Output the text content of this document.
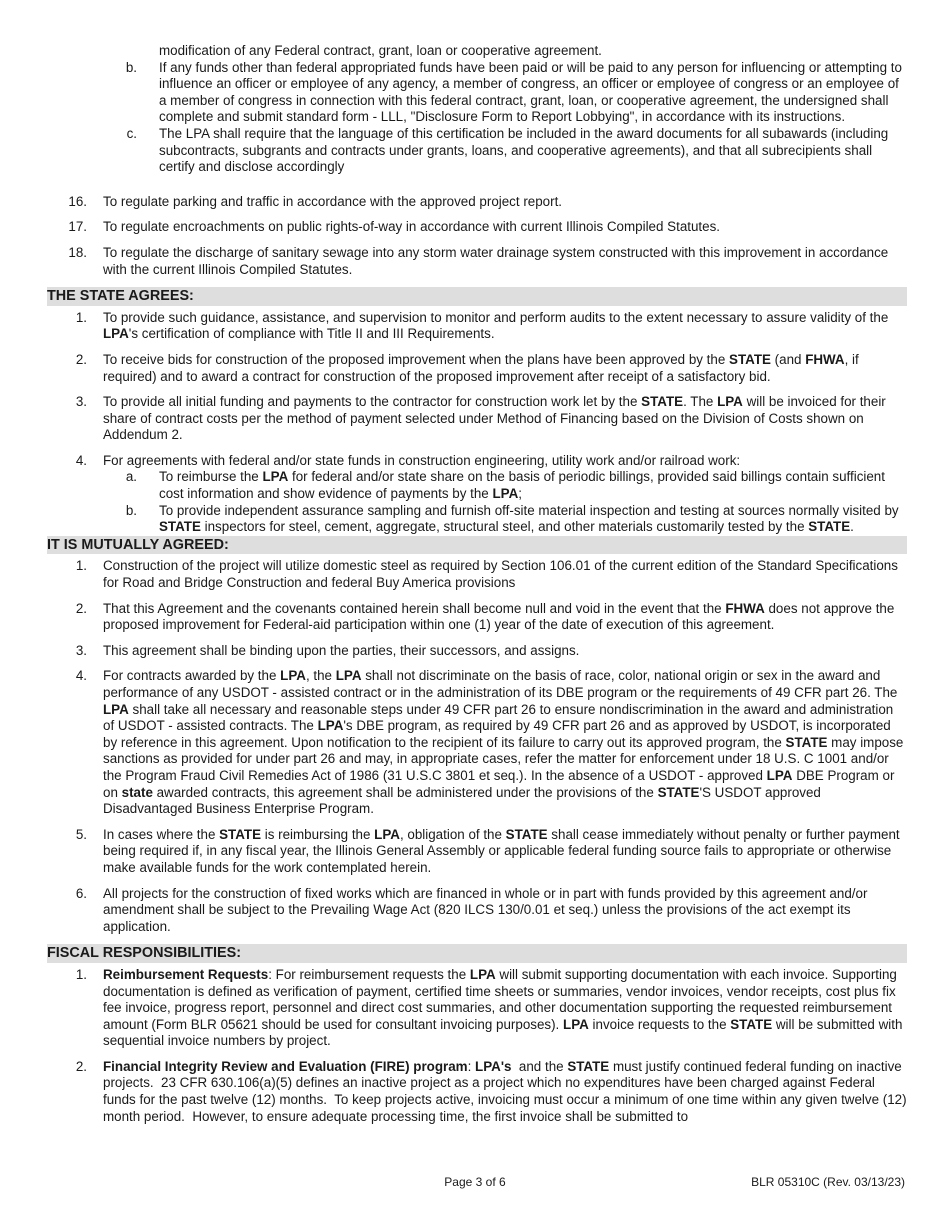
modification of any Federal contract, grant, loan or cooperative agreement.
b. If any funds other than federal appropriated funds have been paid or will be paid to any person for influencing or attempting to influence an officer or employee of any agency, a member of congress, an officer or employee of congress or an employee of a member of congress in connection with this federal contract, grant, loan, or cooperative agreement, the undersigned shall complete and submit standard form - LLL, "Disclosure Form to Report Lobbying", in accordance with its instructions.
c. The LPA shall require that the language of this certification be included in the award documents for all subawards (including subcontracts, subgrants and contracts under grants, loans, and cooperative agreements), and that all subrecipients shall certify and disclose accordingly
16. To regulate parking and traffic in accordance with the approved project report.
17. To regulate encroachments on public rights-of-way in accordance with current Illinois Compiled Statutes.
18. To regulate the discharge of sanitary sewage into any storm water drainage system constructed with this improvement in accordance with the current Illinois Compiled Statutes.
THE STATE AGREES:
1. To provide such guidance, assistance, and supervision to monitor and perform audits to the extent necessary to assure validity of the LPA's certification of compliance with Title II and III Requirements.
2. To receive bids for construction of the proposed improvement when the plans have been approved by the STATE (and FHWA, if required) and to award a contract for construction of the proposed improvement after receipt of a satisfactory bid.
3. To provide all initial funding and payments to the contractor for construction work let by the STATE. The LPA will be invoiced for their share of contract costs per the method of payment selected under Method of Financing based on the Division of Costs shown on Addendum 2.
4. For agreements with federal and/or state funds in construction engineering, utility work and/or railroad work:
a. To reimburse the LPA for federal and/or state share on the basis of periodic billings, provided said billings contain sufficient cost information and show evidence of payments by the LPA;
b. To provide independent assurance sampling and furnish off-site material inspection and testing at sources normally visited by STATE inspectors for steel, cement, aggregate, structural steel, and other materials customarily tested by the STATE.
IT IS MUTUALLY AGREED:
1. Construction of the project will utilize domestic steel as required by Section 106.01 of the current edition of the Standard Specifications for Road and Bridge Construction and federal Buy America provisions
2. That this Agreement and the covenants contained herein shall become null and void in the event that the FHWA does not approve the proposed improvement for Federal-aid participation within one (1) year of the date of execution of this agreement.
3. This agreement shall be binding upon the parties, their successors, and assigns.
4. For contracts awarded by the LPA, the LPA shall not discriminate on the basis of race, color, national origin or sex in the award and performance of any USDOT - assisted contract or in the administration of its DBE program or the requirements of 49 CFR part 26. The LPA shall take all necessary and reasonable steps under 49 CFR part 26 to ensure nondiscrimination in the award and administration of USDOT - assisted contracts. The LPA's DBE program, as required by 49 CFR part 26 and as approved by USDOT, is incorporated by reference in this agreement. Upon notification to the recipient of its failure to carry out its approved program, the STATE may impose sanctions as provided for under part 26 and may, in appropriate cases, refer the matter for enforcement under 18 U.S. C 1001 and/or the Program Fraud Civil Remedies Act of 1986 (31 U.S.C 3801 et seq.). In the absence of a USDOT - approved LPA DBE Program or on state awarded contracts, this agreement shall be administered under the provisions of the STATE'S USDOT approved Disadvantaged Business Enterprise Program.
5. In cases where the STATE is reimbursing the LPA, obligation of the STATE shall cease immediately without penalty or further payment being required if, in any fiscal year, the Illinois General Assembly or applicable federal funding source fails to appropriate or otherwise make available funds for the work contemplated herein.
6. All projects for the construction of fixed works which are financed in whole or in part with funds provided by this agreement and/or amendment shall be subject to the Prevailing Wage Act (820 ILCS 130/0.01 et seq.) unless the provisions of the act exempt its application.
FISCAL RESPONSIBILITIES:
1. Reimbursement Requests: For reimbursement requests the LPA will submit supporting documentation with each invoice. Supporting documentation is defined as verification of payment, certified time sheets or summaries, vendor invoices, vendor receipts, cost plus fix fee invoice, progress report, personnel and direct cost summaries, and other documentation supporting the requested reimbursement amount (Form BLR 05621 should be used for consultant invoicing purposes). LPA invoice requests to the STATE will be submitted with sequential invoice numbers by project.
2. Financial Integrity Review and Evaluation (FIRE) program: LPA's  and the STATE must justify continued federal funding on inactive projects.  23 CFR 630.106(a)(5) defines an inactive project as a project which no expenditures have been charged against Federal funds for the past twelve (12) months.  To keep projects active, invoicing must occur a minimum of one time within any given twelve (12) month period.  However, to ensure adequate processing time, the first invoice shall be submitted to
Page 3 of 6	BLR 05310C (Rev. 03/13/23)
